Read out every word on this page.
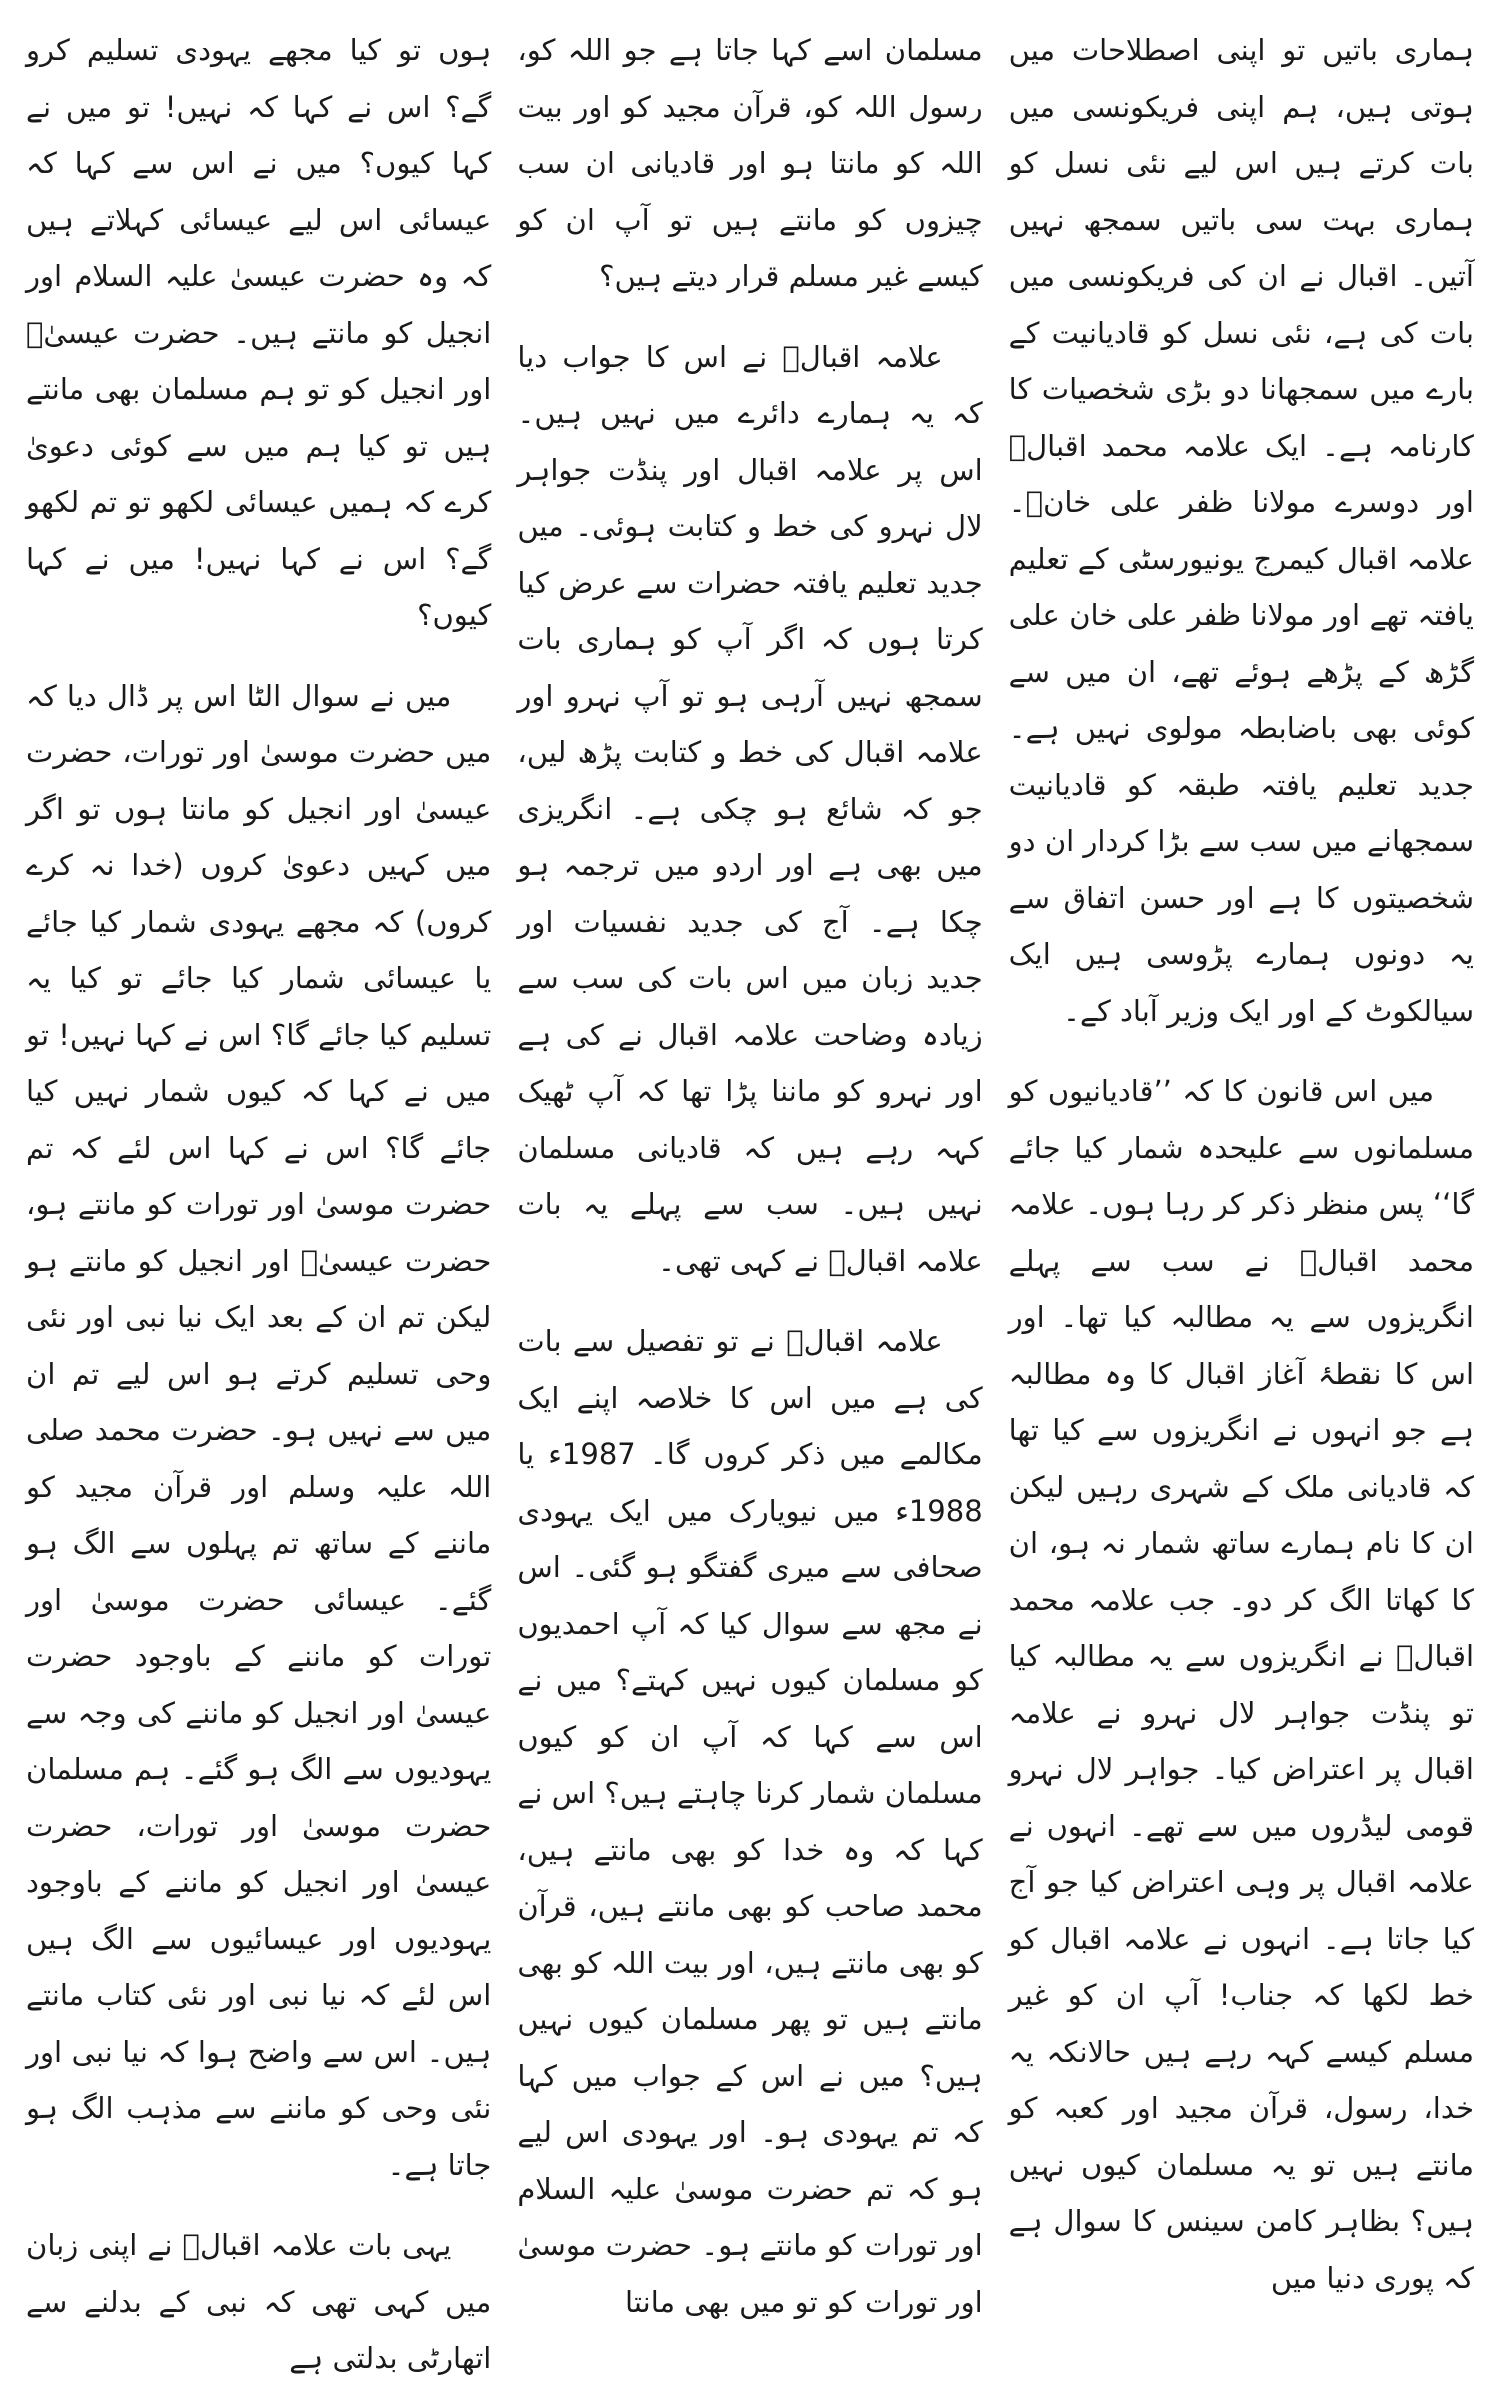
ہماری باتیں تو اپنی اصطلاحات میں ہوتی ہیں، ہم اپنی فریکونسی میں بات کرتے ہیں اس لیے نئی نسل کو ہماری بہت سی باتیں سمجھ نہیں آتیں۔ اقبال نے ان کی فریکونسی میں بات کی ہے، نئی نسل کو قادیانیت کے بارے میں سمجھانا دو بڑی شخصیات کا کارنامہ ہے۔ ایک علامہ محمد اقبالؒ اور دوسرے مولانا ظفر علی خانؒ۔ علامہ اقبال کیمرج یونیورسٹی کے تعلیم یافتہ تھے اور مولانا ظفر علی خان علی گڑھ کے پڑھے ہوئے تھے، ان میں سے کوئی بھی باضابطہ مولوی نہیں ہے۔ جدید تعلیم یافتہ طبقہ کو قادیانیت سمجھانے میں سب سے بڑا کردار ان دو شخصیتوں کا ہے اور حسن اتفاق سے یہ دونوں ہمارے پڑوسی ہیں ایک سیالکوٹ کے اور ایک وزیر آباد کے۔

میں اس قانون کا کہ ’’قادیانیوں کو مسلمانوں سے علیحدہ شمار کیا جائے گا‘‘ پس منظر ذکر کر رہا ہوں۔ علامہ محمد اقبالؒ نے سب سے پہلے انگریزوں سے یہ مطالبہ کیا تھا۔ اور اس کا نقطۂ آغاز اقبال کا وہ مطالبہ ہے جو انہوں نے انگریزوں سے کیا تھا کہ قادیانی ملک کے شہری رہیں لیکن ان کا نام ہمارے ساتھ شمار نہ ہو، ان کا کھاتا الگ کر دو۔ جب علامہ محمد اقبالؒ نے انگریزوں سے یہ مطالبہ کیا تو پنڈت جواہر لال نہرو نے علامہ اقبال پر اعتراض کیا۔ جواہر لال نہرو قومی لیڈروں میں سے تھے۔ انہوں نے علامہ اقبال پر وہی اعتراض کیا جو آج کیا جاتا ہے۔ انہوں نے علامہ اقبال کو خط لکھا کہ جناب! آپ ان کو غیر مسلم کیسے کہہ رہے ہیں حالانکہ یہ خدا، رسول، قرآن مجید اور کعبہ کو مانتے ہیں تو یہ مسلمان کیوں نہیں ہیں؟ بظاہر کامن سینس کا سوال ہے کہ پوری دنیا میں

مسلمان اسے کہا جاتا ہے جو اللہ کو، رسول اللہ کو، قرآن مجید کو اور بیت اللہ کو مانتا ہو اور قادیانی ان سب چیزوں کو مانتے ہیں تو آپ ان کو کیسے غیر مسلم قرار دیتے ہیں؟

علامہ اقبالؒ نے اس کا جواب دیا کہ یہ ہمارے دائرے میں نہیں ہیں۔ اس پر علامہ اقبال اور پنڈت جواہر لال نہرو کی خط و کتابت ہوئی۔ میں جدید تعلیم یافتہ حضرات سے عرض کیا کرتا ہوں کہ اگر آپ کو ہماری بات سمجھ نہیں آرہی ہو تو آپ نہرو اور علامہ اقبال کی خط و کتابت پڑھ لیں، جو کہ شائع ہو چکی ہے۔ انگریزی میں بھی ہے اور اردو میں ترجمہ ہو چکا ہے۔ آج کی جدید نفسیات اور جدید زبان میں اس بات کی سب سے زیادہ وضاحت علامہ اقبال نے کی ہے اور نہرو کو ماننا پڑا تھا کہ آپ ٹھیک کہہ رہے ہیں کہ قادیانی مسلمان نہیں ہیں۔ سب سے پہلے یہ بات علامہ اقبالؒ نے کہی تھی۔

علامہ اقبالؒ نے تو تفصیل سے بات کی ہے میں اس کا خلاصہ اپنے ایک مکالمے میں ذکر کروں گا۔ 1987ء یا 1988ء میں نیویارک میں ایک یہودی صحافی سے میری گفتگو ہو گئی۔ اس نے مجھ سے سوال کیا کہ آپ احمدیوں کو مسلمان کیوں نہیں کہتے؟ میں نے اس سے کہا کہ آپ ان کو کیوں مسلمان شمار کرنا چاہتے ہیں؟ اس نے کہا کہ وہ خدا کو بھی مانتے ہیں، محمد صاحب کو بھی مانتے ہیں، قرآن کو بھی مانتے ہیں، اور بیت اللہ کو بھی مانتے ہیں تو پھر مسلمان کیوں نہیں ہیں؟ میں نے اس کے جواب میں کہا کہ تم یہودی ہو۔ اور یہودی اس لیے ہو کہ تم حضرت موسیٰ علیہ السلام اور تورات کو مانتے ہو۔ حضرت موسیٰ اور تورات کو تو میں بھی مانتا

ہوں تو کیا مجھے یہودی تسلیم کرو گے؟ اس نے کہا کہ نہیں! تو میں نے کہا کیوں؟ میں نے اس سے کہا کہ عیسائی اس لیے عیسائی کہلاتے ہیں کہ وہ حضرت عیسیٰ علیہ السلام اور انجیل کو مانتے ہیں۔ حضرت عیسیٰؑ اور انجیل کو تو ہم مسلمان بھی مانتے ہیں تو کیا ہم میں سے کوئی دعویٰ کرے کہ ہمیں عیسائی لکھو تو تم لکھو گے؟ اس نے کہا نہیں! میں نے کہا کیوں؟

میں نے سوال الٹا اس پر ڈال دیا کہ میں حضرت موسیٰ اور تورات، حضرت عیسیٰ اور انجیل کو مانتا ہوں تو اگر میں کہیں دعویٰ کروں (خدا نہ کرے کروں) کہ مجھے یہودی شمار کیا جائے یا عیسائی شمار کیا جائے تو کیا یہ تسلیم کیا جائے گا؟ اس نے کہا نہیں! تو میں نے کہا کہ کیوں شمار نہیں کیا جائے گا؟ اس نے کہا اس لئے کہ تم حضرت موسیٰ اور تورات کو مانتے ہو، حضرت عیسیٰؑ اور انجیل کو مانتے ہو لیکن تم ان کے بعد ایک نیا نبی اور نئی وحی تسلیم کرتے ہو اس لیے تم ان میں سے نہیں ہو۔ حضرت محمد صلی اللہ علیہ وسلم اور قرآن مجید کو ماننے کے ساتھ تم پہلوں سے الگ ہو گئے۔ عیسائی حضرت موسیٰ اور تورات کو ماننے کے باوجود حضرت عیسیٰ اور انجیل کو ماننے کی وجہ سے یہودیوں سے الگ ہو گئے۔ ہم مسلمان حضرت موسیٰ اور تورات، حضرت عیسیٰ اور انجیل کو ماننے کے باوجود یہودیوں اور عیسائیوں سے الگ ہیں اس لئے کہ نیا نبی اور نئی کتاب مانتے ہیں۔ اس سے واضح ہوا کہ نیا نبی اور نئی وحی کو ماننے سے مذہب الگ ہو جاتا ہے۔

یہی بات علامہ اقبالؒ نے اپنی زبان میں کہی تھی کہ نبی کے بدلنے سے اتھارٹی بدلتی ہے
